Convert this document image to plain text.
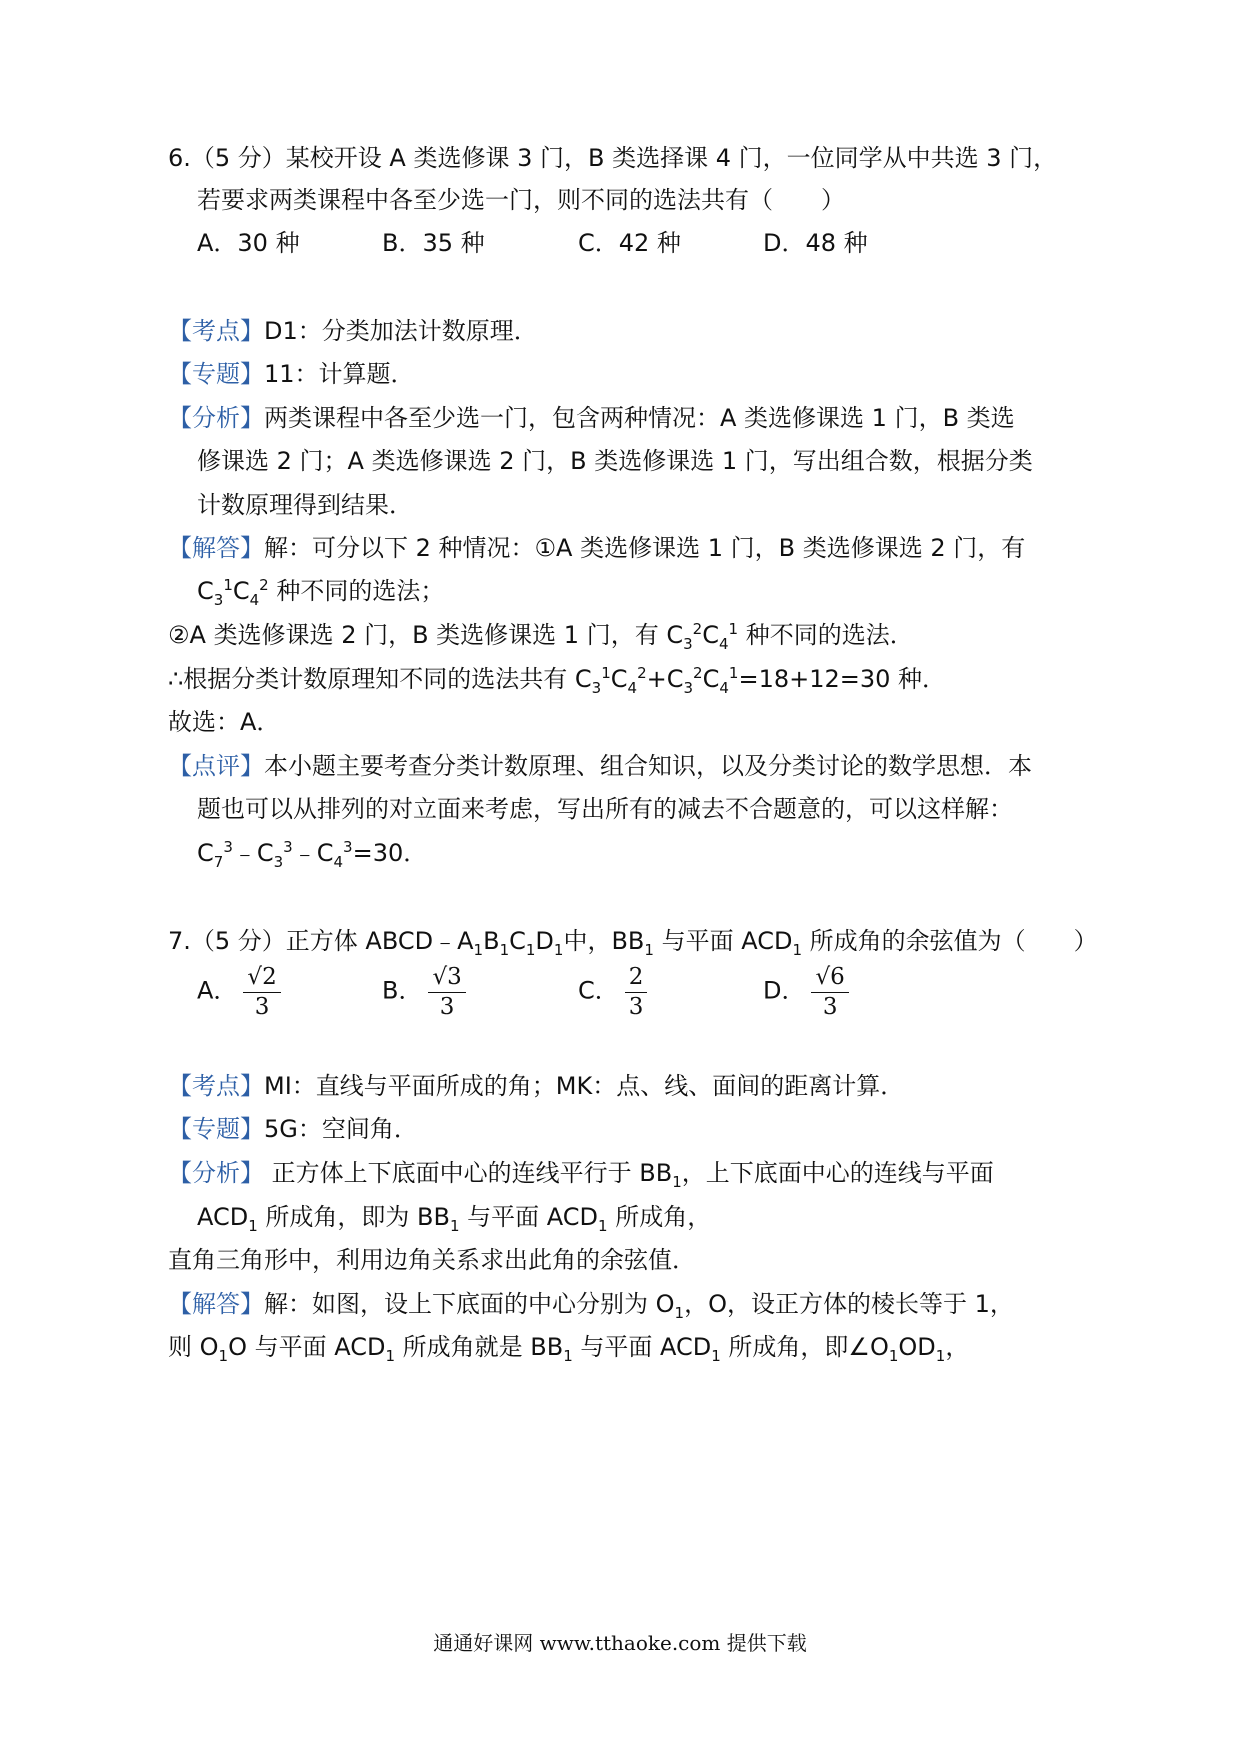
6.（5 分）某校开设 A 类选修课 3 门，B 类选择课 4 门，一位同学从中共选 3 门，
若要求两类课程中各至少选一门，则不同的选法共有（　　）
A．30 种	B．35 种	C．42 种	D．48 种
【考点】D1：分类加法计数原理．
【专题】11：计算题．
【分析】两类课程中各至少选一门，包含两种情况：A 类选修课选 1 门，B 类选
修课选 2 门；A 类选修课选 2 门，B 类选修课选 1 门，写出组合数，根据分类
计数原理得到结果．
【解答】解：可分以下 2 种情况：①A 类选修课选 1 门，B 类选修课选 2 门，有
$C_3^1C_4^2$ 种不同的选法；
②A 类选修课选 2 门，B 类选修课选 1 门，有 $C_3^2C_4^1$ 种不同的选法．
∴根据分类计数原理知不同的选法共有 $C_3^1C_4^2+C_3^2C_4^1=18+12=30$ 种．
故选：A．
【点评】本小题主要考查分类计数原理、组合知识，以及分类讨论的数学思想．本
题也可以从排列的对立面来考虑，写出所有的减去不合题意的，可以这样解：
$C_7^3﹣C_3^3﹣C_4^3=30$．
7.（5 分）正方体 $ABCD﹣A_1B_1C_1D_1$中，$BB_1$ 与平面 $ACD_1$ 所成角的余弦值为（　　）
A． $\frac{√2}{3}$	B． $\frac{√3}{3}$	C． $\frac{2}{3}$	D． $\frac{√6}{3}$
【考点】MI：直线与平面所成的角；MK：点、线、面间的距离计算．
【专题】5G：空间角．
【分析】 正方体上下底面中心的连线平行于 $BB_1$，上下底面中心的连线与平面
$ACD_1$ 所成角，即为 $BB_1$ 与平面 $ACD_1$ 所成角，
直角三角形中，利用边角关系求出此角的余弦值．
【解答】解：如图，设上下底面的中心分别为 $O_1$，O，设正方体的棱长等于 1，
则 $O_1O$ 与平面 $ACD_1$ 所成角就是 $BB_1$ 与平面 $ACD_1$ 所成角，即$\angle O_1OD_1$，
通通好课网 www.tthaoke.com 提供下载
